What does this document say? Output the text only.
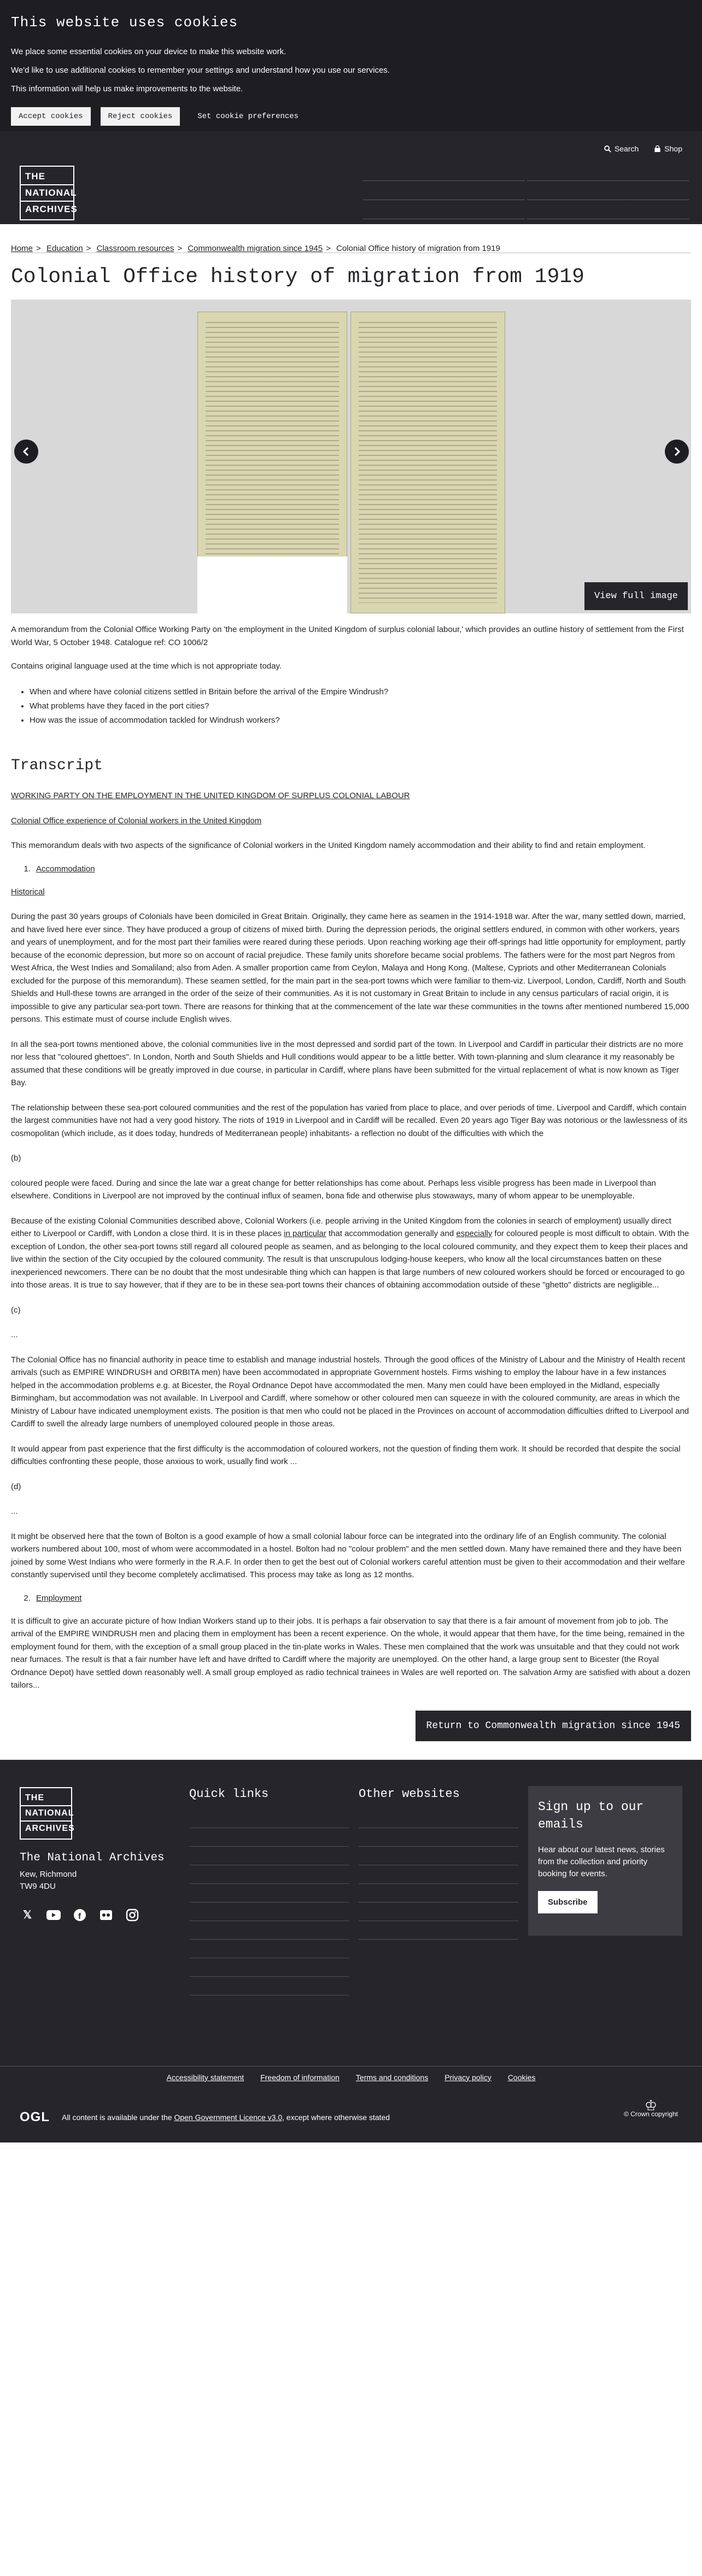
This website uses cookies

We place some essential cookies on your device to make this website work.

We'd like to use additional cookies to remember your settings and understand how you use our services.

This information will help us make improvements to the website.

Accept cookies	Reject cookies	Set cookie preferences
Search	Shop
THE
NATIONAL
ARCHIVES
Visit
What's on
Explore the collection
Help using the archive
Education
Professional guidance and services
Home > Education > Classroom resources > Commonwealth migration since 1945 > Colonial Office history of migration from 1919
Colonial Office history of migration from 1919
View full image

A memorandum from the Colonial Office Working Party on 'the employment in the United Kingdom of surplus colonial labour,' which provides an outline history of settlement from the First World War, 5 October 1948. Catalogue ref: CO 1006/2

Contains original language used at the time which is not appropriate today.

• When and where have colonial citizens settled in Britain before the arrival of the Empire Windrush?
• What problems have they faced in the port cities?
• How was the issue of accommodation tackled for Windrush workers?
Transcript

WORKING PARTY ON THE EMPLOYMENT IN THE UNITED KINGDOM OF SURPLUS COLONIAL LABOUR

Colonial Office experience of Colonial workers in the United Kingdom

This memorandum deals with two aspects of the significance of Colonial workers in the United Kingdom namely accommodation and their ability to find and retain employment.

1. Accommodation

Historical

During the past 30 years groups of Colonials have been domiciled in Great Britain. Originally, they came here as seamen in the 1914-1918 war. After the war, many settled down, married, and have lived here ever since. They have produced a group of citizens of mixed birth. During the depression periods, the original settlers endured, in common with other workers, years and years of unemployment, and for the most part their families were reared during these periods. Upon reaching working age their off-springs had little opportunity for employment, partly because of the economic depression, but more so on account of racial prejudice. These family units shorefore became social problems. The fathers were for the most part Negros from West Africa, the West Indies and Somaliland; also from Aden. A smaller proportion came from Ceylon, Malaya and Hong Kong. (Maltese, Cypriots and other Mediterranean Colonials excluded for the purpose of this memorandum). These seamen settled, for the main part in the sea-port towns which were familiar to them-viz. Liverpool, London, Cardiff, North and South Shields and Hull-these towns are arranged in the order of the seize of their communities. As it is not customary in Great Britain to include in any census particulars of racial origin, it is impossible to give any particular sea-port town. There are reasons for thinking that at the commencement of the late war these communities in the towns after mentioned numbered 15,000 persons. This estimate must of course include English wives.

In all the sea-port towns mentioned above, the colonial communities live in the most depressed and sordid part of the town. In Liverpool and Cardiff in particular their districts are no more nor less that "coloured ghettoes". In London, North and South Shields and Hull conditions would appear to be a little better. With town-planning and slum clearance it my reasonably be assumed that these conditions will be greatly improved in due course, in particular in Cardiff, where plans have been submitted for the virtual replacement of what is now known as Tiger Bay.

The relationship between these sea-port coloured communities and the rest of the population has varied from place to place, and over periods of time. Liverpool and Cardiff, which contain the largest communities have not had a very good history. The riots of 1919 in Liverpool and in Cardiff will be recalled. Even 20 years ago Tiger Bay was notorious or the lawlessness of its cosmopolitan (which include, as it does today, hundreds of Mediterranean people) inhabitants- a reflection no doubt of the difficulties with which the

(b)

coloured people were faced. During and since the late war a great change for better relationships has come about. Perhaps less visible progress has been made in Liverpool than elsewhere. Conditions in Liverpool are not improved by the continual influx of seamen, bona fide and otherwise plus stowaways, many of whom appear to be unemployable.

Because of the existing Colonial Communities described above, Colonial Workers (i.e. people arriving in the United Kingdom from the colonies in search of employment) usually direct either to Liverpool or Cardiff, with London a close third. It is in these places in particular that accommodation generally and especially for coloured people is most difficult to obtain. With the exception of London, the other sea-port towns still regard all coloured people as seamen, and as belonging to the local coloured community, and they expect them to keep their places and live within the section of the City occupied by the coloured community. The result is that unscrupulous lodging-house keepers, who know all the local circumstances batten on these inexperienced newcomers. There can be no doubt that the most undesirable thing which can happen is that large numbers of new coloured workers should be forced or encouraged to go into those areas. It is true to say however, that if they are to be in these sea-port towns their chances of obtaining accommodation outside of these "ghetto" districts are negligible...

(c)

...

The Colonial Office has no financial authority in peace time to establish and manage industrial hostels. Through the good offices of the Ministry of Labour and the Ministry of Health recent arrivals (such as EMPIRE WINDRUSH and ORBITA men) have been accommodated in appropriate Government hostels. Firms wishing to employ the labour have in a few instances helped in the accommodation problems e.g. at Bicester, the Royal Ordnance Depot have accommodated the men. Many men could have been employed in the Midland, especially Birmingham, but accommodation was not available. In Liverpool and Cardiff, where somehow or other coloured men can squeeze in with the coloured community, are areas in which the Ministry of Labour have indicated unemployment exists. The position is that men who could not be placed in the Provinces on account of accommodation difficulties drifted to Liverpool and Cardiff to swell the already large numbers of unemployed coloured people in those areas.

It would appear from past experience that the first difficulty is the accommodation of coloured workers, not the question of finding them work. It should be recorded that despite the social difficulties confronting these people, those anxious to work, usually find work ...

(d)

...

It might be observed here that the town of Bolton is a good example of how a small colonial labour force can be integrated into the ordinary life of an English community. The colonial workers numbered about 100, most of whom were accommodated in a hostel. Bolton had no "colour problem" and the men settled down. Many have remained there and they have been joined by some West Indians who were formerly in the R.A.F. In order then to get the best out of Colonial workers careful attention must be given to their accommodation and their welfare constantly supervised until they become completely acclimatised. This process may take as long as 12 months.

2. Employment

It is difficult to give an accurate picture of how Indian Workers stand up to their jobs. It is perhaps a fair observation to say that there is a fair amount of movement from job to job. The arrival of the EMPIRE WINDRUSH men and placing them in employment has been a recent experience. On the whole, it would appear that them have, for the time being, remained in the employment found for them, with the exception of a small group placed in the tin-plate works in Wales. These men complained that the work was unsuitable and that they could not work near furnaces. The result is that a fair number have left and have drifted to Cardiff where the majority are unemployed. On the other hand, a large group sent to Bicester (the Royal Ordnance Depot) have settled down reasonably well. A small group employed as radio technical trainees in Wales are well reported on. The salvation Army are satisfied with about a dozen tailors...

Return to Commonwealth migration since 1945
THE
NATIONAL
ARCHIVES
The National Archives
Kew, Richmond
TW9 4DU
𝕏	f
Quick links
About us
Contact us
News
Blogs
Podcast
Image library
Press room
Jobs
British citizenship services
Historical Manuscripts Commission
Other websites
UK Government Web Archive
Legislation.gov.uk
Find Case Law
The Gazette
The National Archives Trust
Friends of The National Archives
The National Archives Design System
Sign up to our emails

Hear about our latest news, stories from the collection and priority booking for events.

Subscribe
Accessibility statement Freedom of information Terms and conditions Privacy policy Cookies
OGL All content is available under the Open Government Licence v3.0, except where otherwise stated
♔
© Crown copyright
